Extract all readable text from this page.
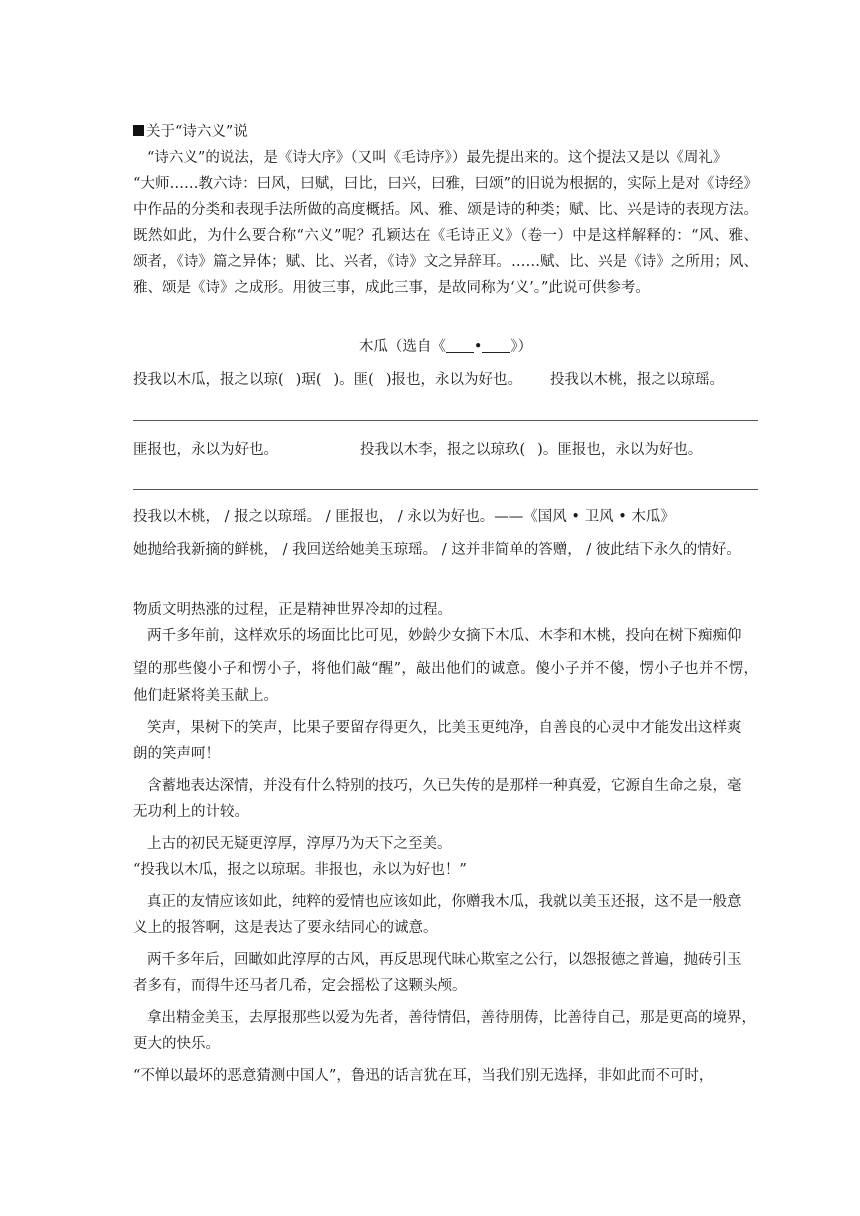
关于“诗六义”说
“诗六义”的说法，是《诗大序》（又叫《毛诗序》）最先提出来的。这个提法又是以《周礼》
“大师……教六诗：曰风，曰赋，曰比，曰兴，曰雅，曰颂”的旧说为根据的，实际上是对《诗经》
中作品的分类和表现手法所做的高度概括。风、雅、颂是诗的种类；赋、比、兴是诗的表现方法。
既然如此，为什么要合称“六义”呢？孔颖达在《毛诗正义》（卷一）中是这样解释的：“风、雅、
颂者，《诗》篇之异体；赋、比、兴者，《诗》文之异辞耳。……赋、比、兴是《诗》之所用；风、
雅、颂是《诗》之成形。用彼三事，成此三事，是故同称为‘义’。”此说可供参考。
木瓜（选自《 • 》）
投我以木瓜，报之以琼( )琚( )。匪( )报也，永以为好也。 投我以木桃，报之以琼瑶。
匪报也，永以为好也。	投我以木李，报之以琼玖( )。匪报也，永以为好也。
投我以木桃， / 报之以琼瑶。 / 匪报也， / 永以为好也。——《国风 • 卫风 • 木瓜》
她抛给我新摘的鲜桃， / 我回送给她美玉琼瑶。 / 这并非简单的答赠， / 彼此结下永久的情好。
物质文明热涨的过程，正是精神世界冷却的过程。
两千多年前，这样欢乐的场面比比可见，妙龄少女摘下木瓜、木李和木桃，投向在树下痴痴仰
望的那些傻小子和愣小子，将他们敲“醒”，敲出他们的诚意。傻小子并不傻，愣小子也并不愣，
他们赶紧将美玉献上。
笑声，果树下的笑声，比果子要留存得更久，比美玉更纯净，自善良的心灵中才能发出这样爽
朗的笑声呵！
含蓄地表达深情，并没有什么特别的技巧，久已失传的是那样一种真爱，它源自生命之泉，毫
无功利上的计较。
上古的初民无疑更淳厚，淳厚乃为天下之至美。
“投我以木瓜，报之以琼琚。非报也，永以为好也！”
真正的友情应该如此，纯粹的爱情也应该如此，你赠我木瓜，我就以美玉还报，这不是一般意
义上的报答啊，这是表达了要永结同心的诚意。
两千多年后，回瞰如此淳厚的古风，再反思现代昧心欺室之公行，以怨报德之普遍，抛砖引玉
者多有，而得牛还马者几希，定会摇松了这颗头颅。
拿出精金美玉，去厚报那些以爱为先者，善待情侣，善待朋俦，比善待自己，那是更高的境界，
更大的快乐。
“不惮以最坏的恶意猜测中国人”，鲁迅的话言犹在耳，当我们别无选择，非如此而不可时，
